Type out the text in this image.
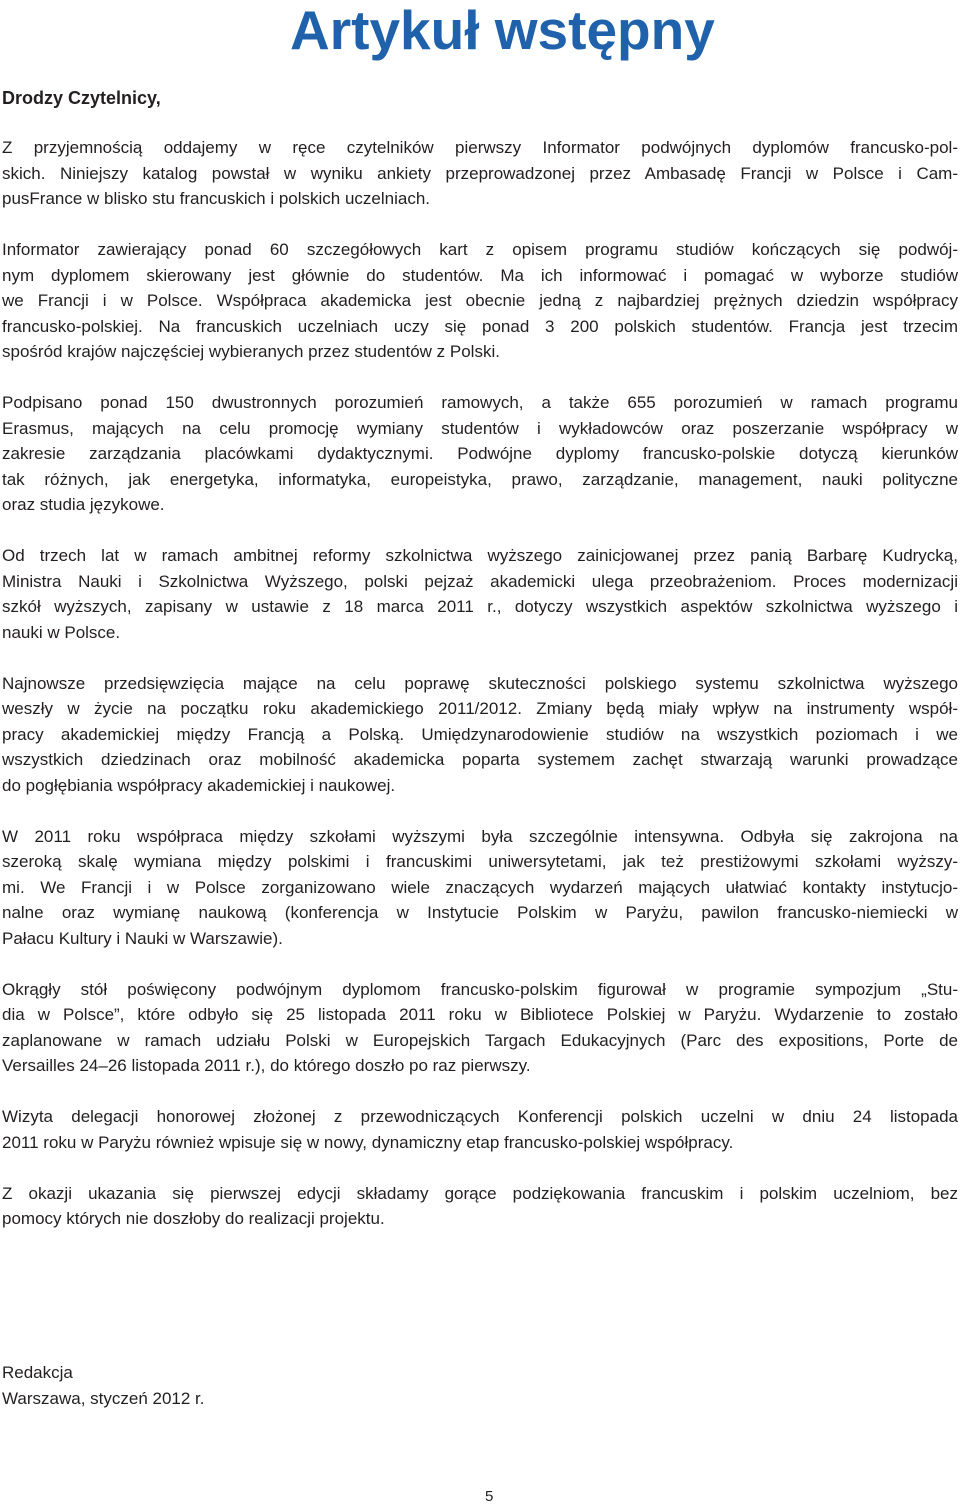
Artykuł wstępny
Drodzy Czytelnicy,
Z przyjemnością oddajemy w ręce czytelników pierwszy Informator podwójnych dyplomów francusko-pol-
skich. Niniejszy katalog powstał w wyniku ankiety przeprowadzonej przez Ambasadę Francji w Polsce i Cam-
pusFrance w blisko stu francuskich i polskich uczelniach.
Informator zawierający ponad 60 szczegółowych kart z opisem programu studiów kończących się podwój-
nym dyplomem skierowany jest głównie do studentów. Ma ich informować i pomagać w wyborze studiów
we Francji i w Polsce. Współpraca akademicka jest obecnie jedną z najbardziej prężnych dziedzin współpracy
francusko-polskiej. Na francuskich uczelniach uczy się ponad 3 200 polskich studentów. Francja jest trzecim
spośród krajów najczęściej wybieranych przez studentów z Polski.
Podpisano ponad 150 dwustronnych porozumień ramowych, a także 655 porozumień w ramach programu
Erasmus, mających na celu promocję wymiany studentów i wykładowców oraz poszerzanie współpracy w
zakresie zarządzania placówkami dydaktycznymi. Podwójne dyplomy francusko-polskie dotyczą kierunków
tak różnych, jak energetyka, informatyka, europeistyka, prawo, zarządzanie, management, nauki polityczne
oraz studia językowe.
Od trzech lat w ramach ambitnej reformy szkolnictwa wyższego zainicjowanej przez panią Barbarę Kudrycką,
Ministra Nauki i Szkolnictwa Wyższego, polski pejzaż akademicki ulega przeobrażeniom. Proces modernizacji
szkół wyższych, zapisany w ustawie z 18 marca 2011 r., dotyczy wszystkich aspektów szkolnictwa wyższego i
nauki w Polsce.
Najnowsze przedsięwzięcia mające na celu poprawę skuteczności polskiego systemu szkolnictwa wyższego
weszły w życie na początku roku akademickiego 2011/2012. Zmiany będą miały wpływ na instrumenty współ-
pracy akademickiej między Francją a Polską. Umiędzynarodowienie studiów na wszystkich poziomach i we
wszystkich dziedzinach oraz mobilność akademicka poparta systemem zachęt stwarzają warunki prowadzące
do pogłębiania współpracy akademickiej i naukowej.
W 2011 roku współpraca między szkołami wyższymi była szczególnie intensywna. Odbyła się zakrojona na
szeroką skalę wymiana między polskimi i francuskimi uniwersytetami, jak też prestiżowymi szkołami wyższy-
mi. We Francji i w Polsce zorganizowano wiele znaczących wydarzeń mających ułatwiać kontakty instytucjo-
nalne oraz wymianę naukową (konferencja w Instytucie Polskim w Paryżu, pawilon francusko-niemiecki w
Pałacu Kultury i Nauki w Warszawie).
Okrągły stół poświęcony podwójnym dyplomom francusko-polskim figurował w programie sympozjum „Stu-
dia w Polsce”, które odbyło się 25 listopada 2011 roku w Bibliotece Polskiej w Paryżu. Wydarzenie to zostało
zaplanowane w ramach udziału Polski w Europejskich Targach Edukacyjnych (Parc des expositions, Porte de
Versailles 24–26 listopada 2011 r.), do którego doszło po raz pierwszy.
Wizyta delegacji honorowej złożonej z przewodniczących Konferencji polskich uczelni w dniu 24 listopada
2011 roku w Paryżu również wpisuje się w nowy, dynamiczny etap francusko-polskiej współpracy.
Z okazji ukazania się pierwszej edycji składamy gorące podziękowania francuskim i polskim uczelniom, bez
pomocy których nie doszłoby do realizacji projektu.
Redakcja
Warszawa, styczeń 2012 r.
5
